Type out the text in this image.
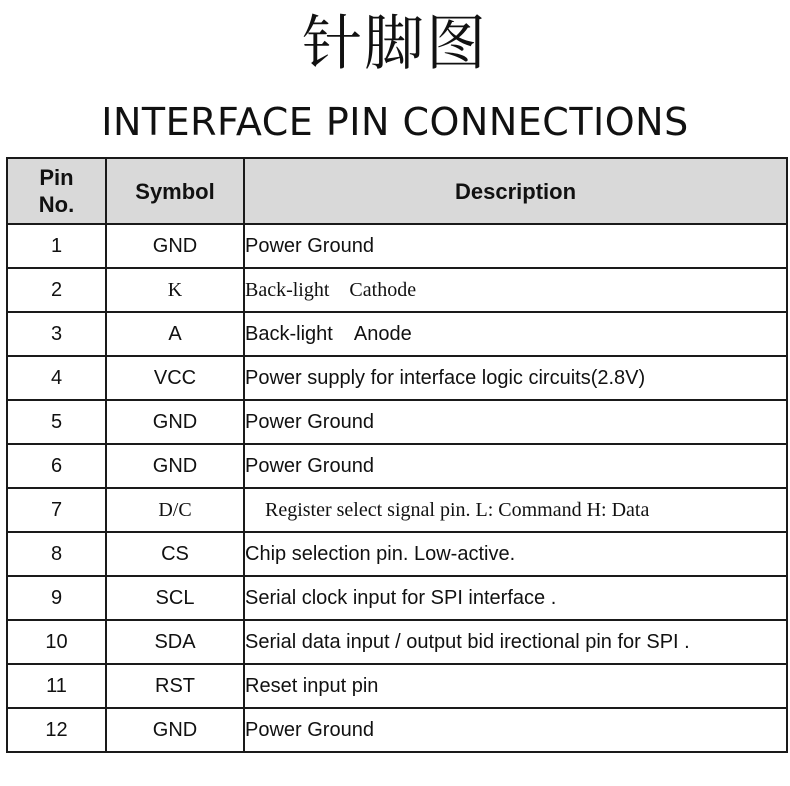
针脚图
INTERFACE PIN CONNECTIONS
Pin No.	Symbol	Description
1	GND	Power Ground
2	K	Back-light    Cathode
3	A	Back-light    Anode
4	VCC	Power supply for interface logic circuits(2.8V)
5	GND	Power Ground
6	GND	Power Ground
7	D/C	Register select signal pin. L: Command H: Data
8	CS	Chip selection pin. Low-active.
9	SCL	Serial clock input for SPI interface .
10	SDA	Serial data input / output bid irectional pin for SPI .
11	RST	Reset input pin
12	GND	Power Ground
